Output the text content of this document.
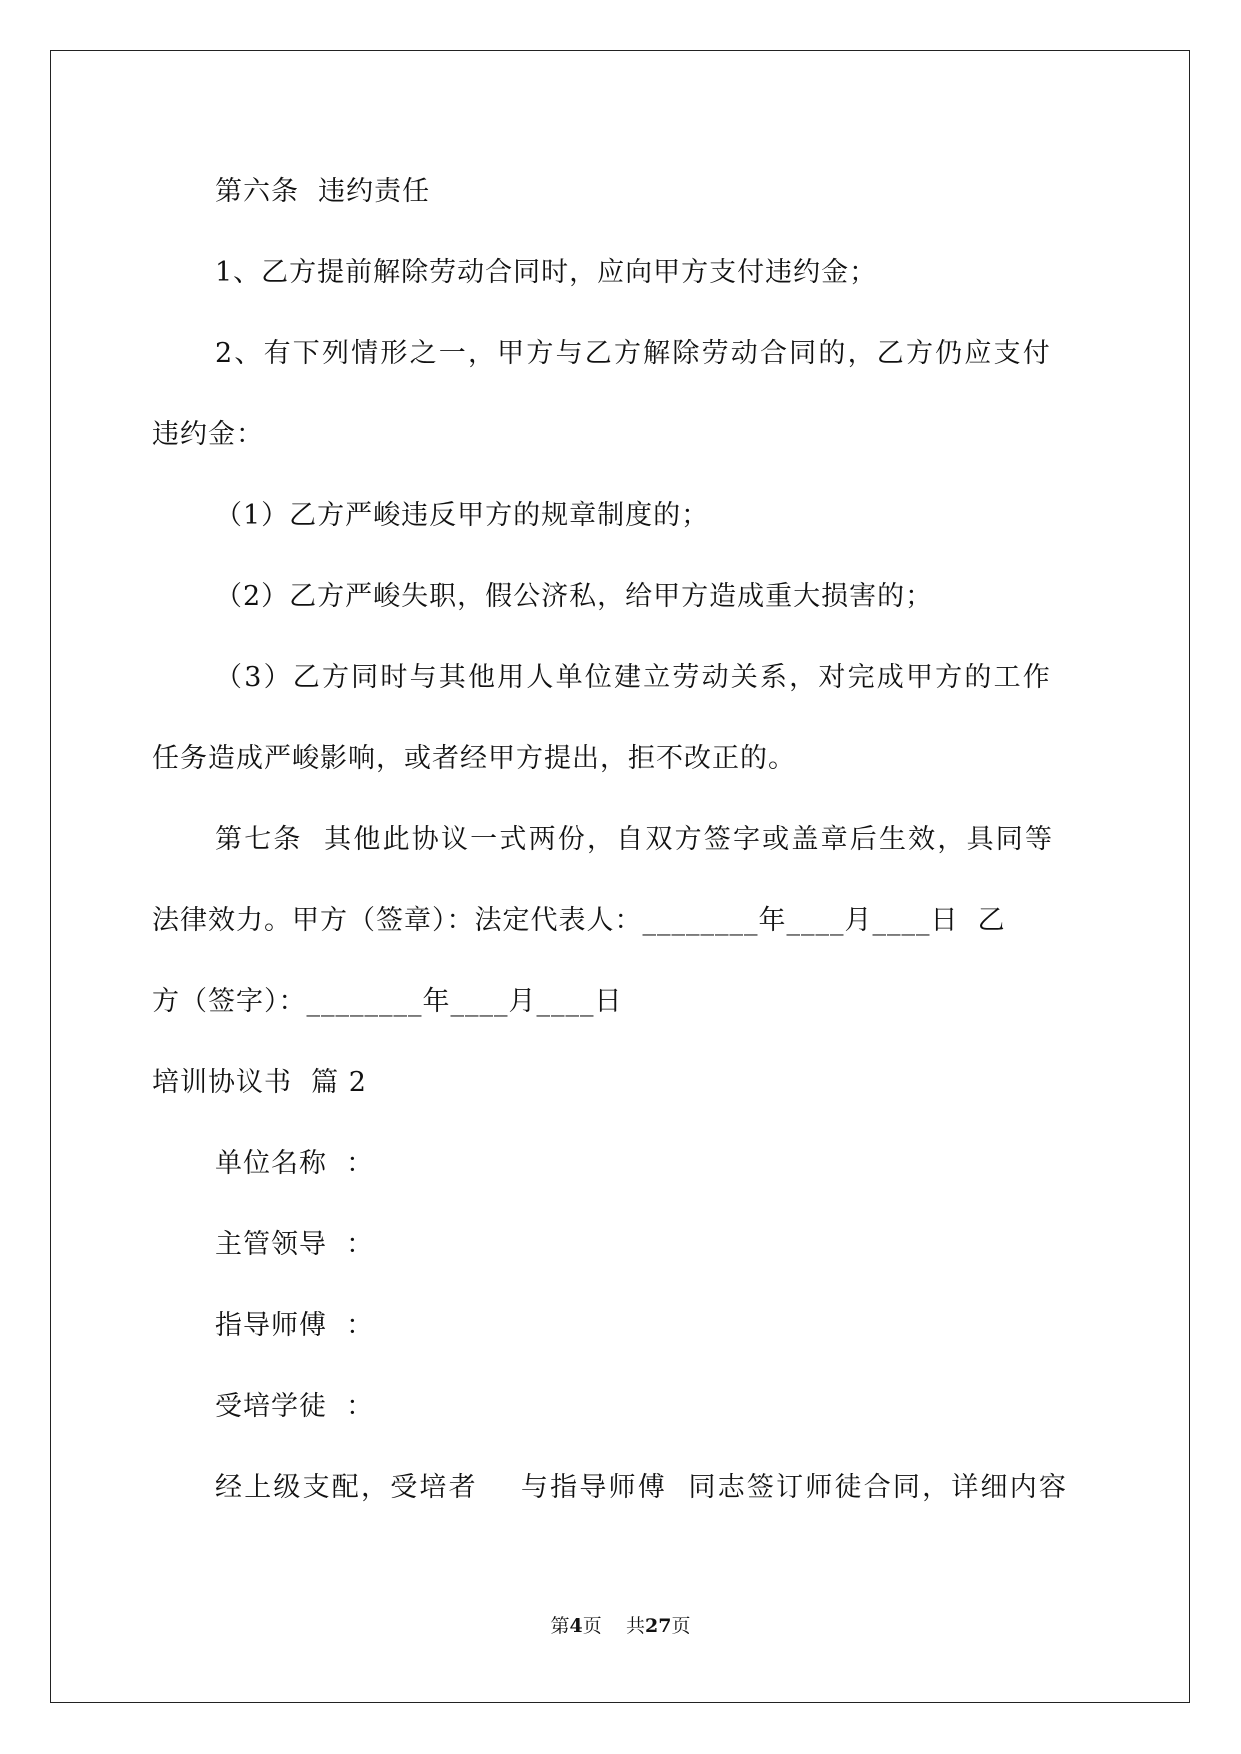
第六条  违约责任
1、乙方提前解除劳动合同时，应向甲方支付违约金；
2、有下列情形之一，甲方与乙方解除劳动合同的，乙方仍应支付
违约金：
（1）乙方严峻违反甲方的规章制度的；
（2）乙方严峻失职，假公济私，给甲方造成重大损害的；
（3）乙方同时与其他用人单位建立劳动关系，对完成甲方的工作
任务造成严峻影响，或者经甲方提出，拒不改正的。
第七条  其他此协议一式两份，自双方签字或盖章后生效，具同等
法律效力。甲方（签章）：法定代表人：________年____月____日  乙
方（签字）：________年____月____日
培训协议书  篇 2
单位名称  ：
主管领导  ：
指导师傅  ：
受培学徒  ：
经上级支配，受培者    与指导师傅  同志签订师徒合同，详细内容
第4页 共27页
